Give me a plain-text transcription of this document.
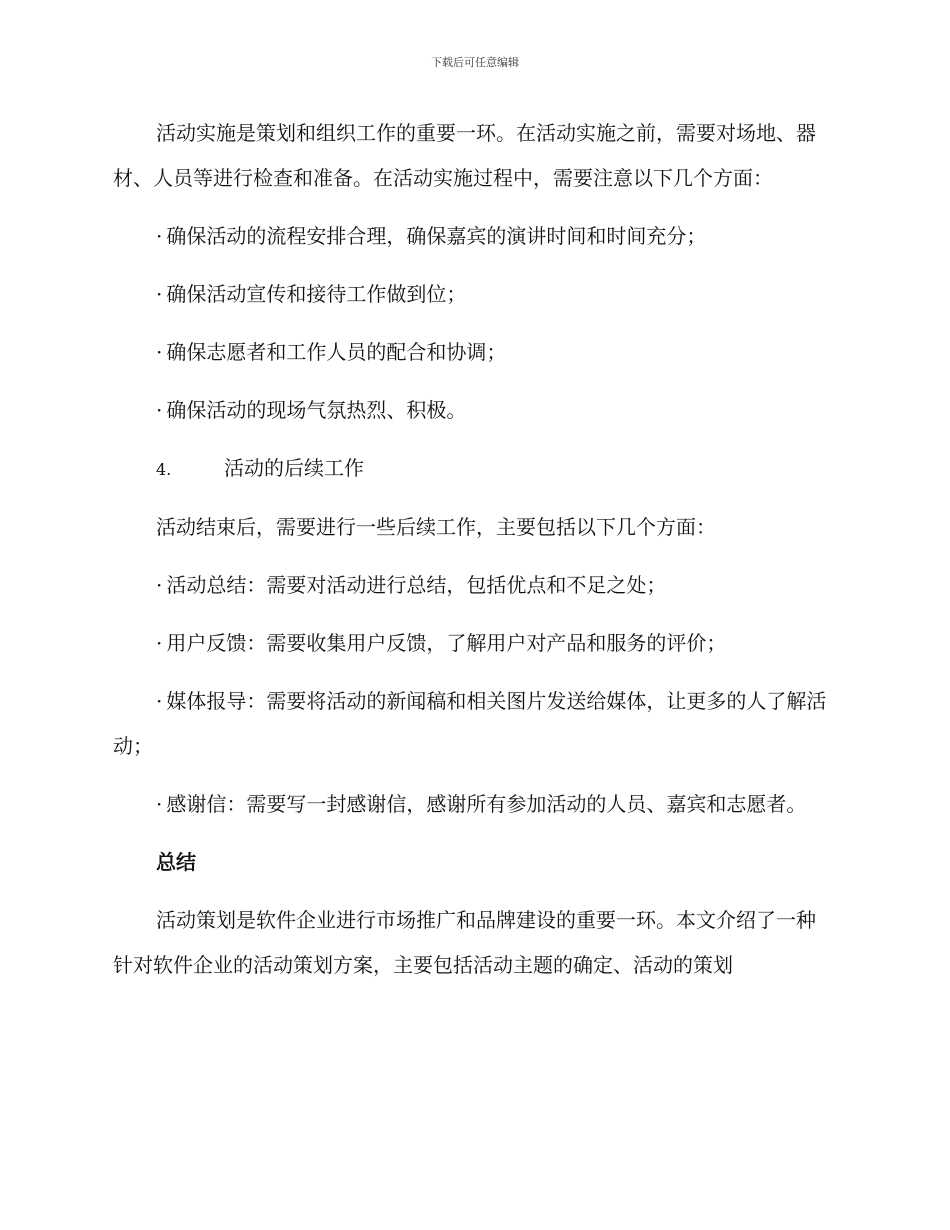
下载后可任意编辑

活动实施是策划和组织工作的重要一环。在活动实施之前，需要对场地、器材、人员等进行检查和准备。在活动实施过程中，需要注意以下几个方面：

· 确保活动的流程安排合理，确保嘉宾的演讲时间和时间充分；

· 确保活动宣传和接待工作做到位；

· 确保志愿者和工作人员的配合和协调；

· 确保活动的现场气氛热烈、积极。

4.	活动的后续工作

活动结束后，需要进行一些后续工作，主要包括以下几个方面：

· 活动总结：需要对活动进行总结，包括优点和不足之处；

· 用户反馈：需要收集用户反馈，了解用户对产品和服务的评价；

· 媒体报导：需要将活动的新闻稿和相关图片发送给媒体，让更多的人了解活动；

· 感谢信：需要写一封感谢信，感谢所有参加活动的人员、嘉宾和志愿者。

总结

活动策划是软件企业进行市场推广和品牌建设的重要一环。本文介绍了一种针对软件企业的活动策划方案，主要包括活动主题的确定、活动的策划
